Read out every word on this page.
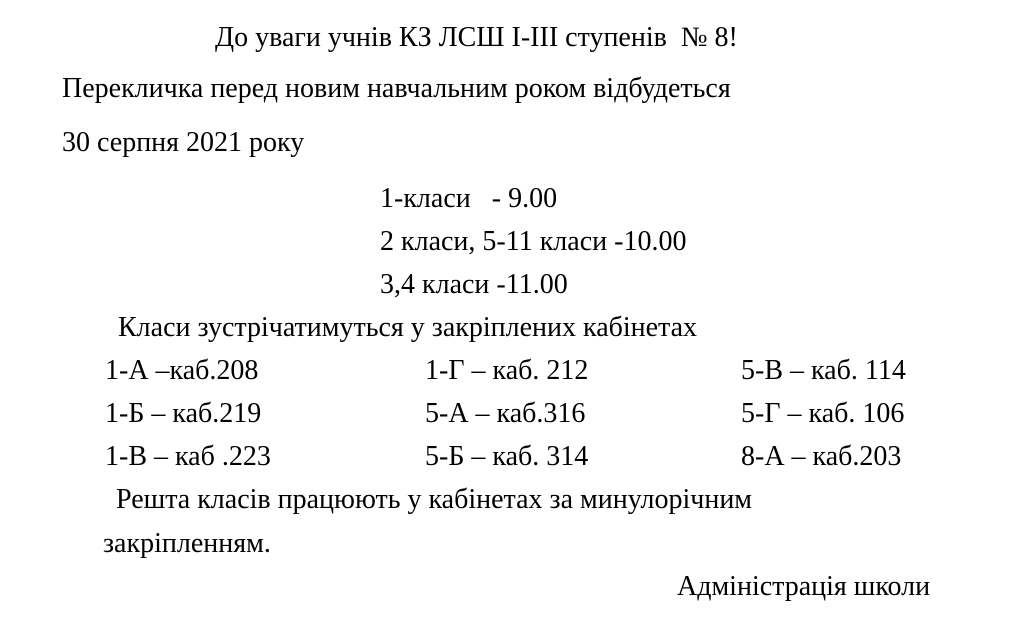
До уваги учнів КЗ ЛСШ І-ІІІ ступенів  № 8!
Перекличка перед новим навчальним роком відбудеться
30 серпня 2021 року
1-класи   - 9.00
2 класи, 5-11 класи -10.00
3,4 класи -11.00
Класи зустрічатимуться у закріплених кабінетах
1-А –каб.208	1-Г – каб. 212	5-В – каб. 114
1-Б – каб.219	5-А – каб.316	5-Г – каб. 106
1-В – каб .223	5-Б – каб. 314	8-А – каб.203
Решта класів працюють у кабінетах за минулорічним
закріпленням.
Адміністрація школи
